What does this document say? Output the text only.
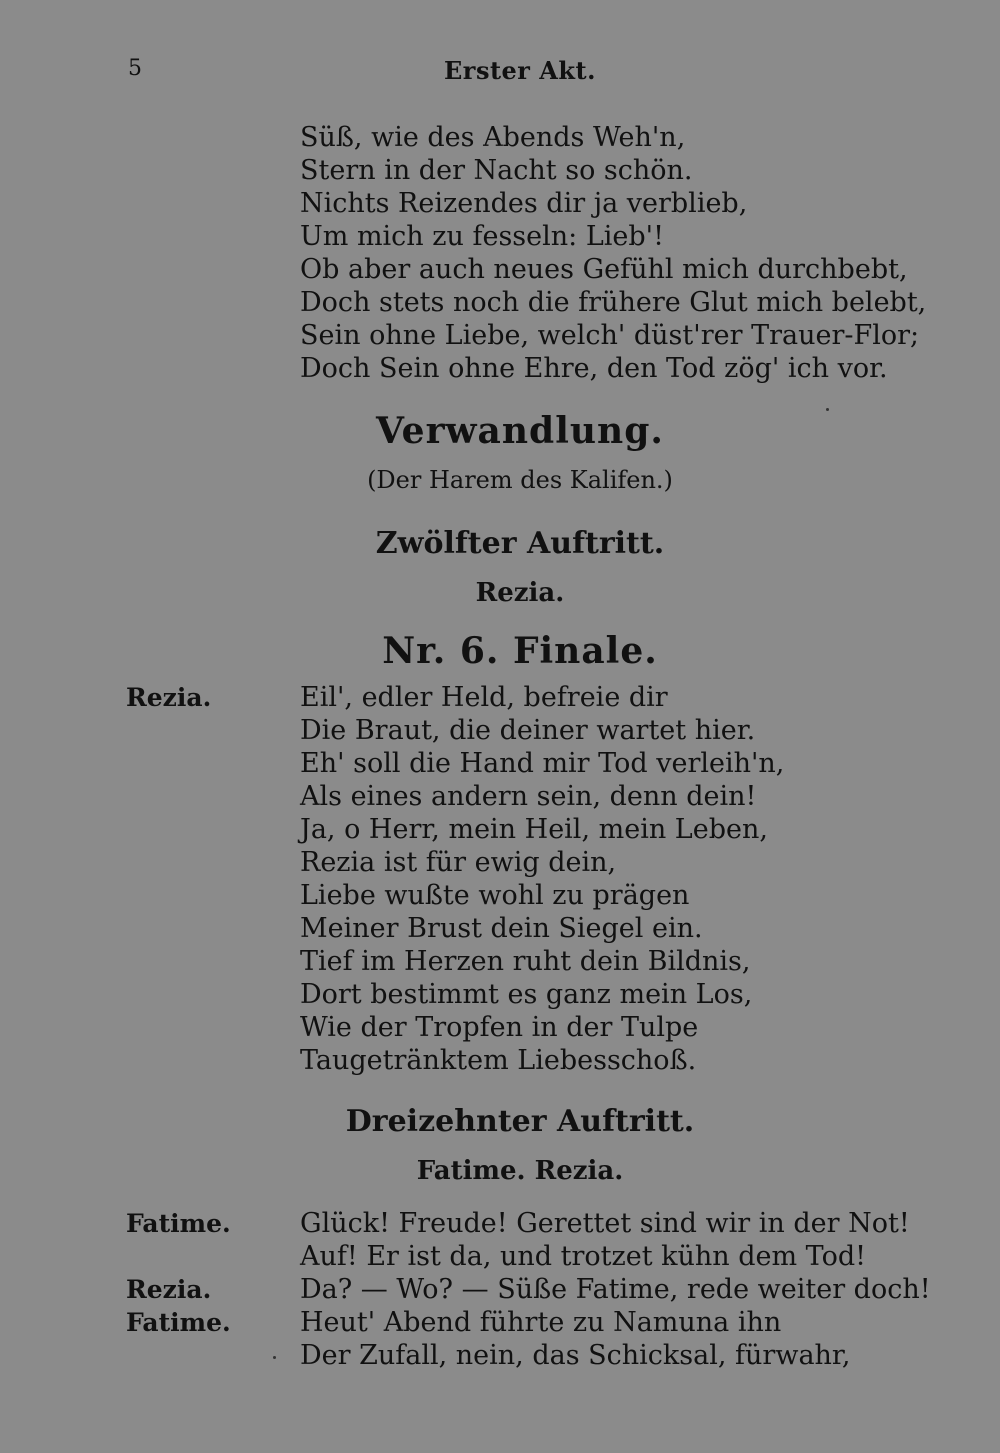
5	Erster Akt.
Süß, wie des Abends Weh'n,
Stern in der Nacht so schön.
Nichts Reizendes dir ja verblieb,
Um mich zu fesseln: Lieb'!
Ob aber auch neues Gefühl mich durchbebt,
Doch stets noch die frühere Glut mich belebt,
Sein ohne Liebe, welch' düst'rer Trauer-Flor;
Doch Sein ohne Ehre, den Tod zög' ich vor.
Verwandlung.
(Der Harem des Kalifen.)
Zwölfter Auftritt.
Rezia.
Nr. 6. Finale.
Rezia.	Eil', edler Held, befreie dir
Die Braut, die deiner wartet hier.
Eh' soll die Hand mir Tod verleih'n,
Als eines andern sein, denn dein!
Ja, o Herr, mein Heil, mein Leben,
Rezia ist für ewig dein,
Liebe wußte wohl zu prägen
Meiner Brust dein Siegel ein.
Tief im Herzen ruht dein Bildnis,
Dort bestimmt es ganz mein Los,
Wie der Tropfen in der Tulpe
Taugetränktem Liebesschoß.
Dreizehnter Auftritt.
Fatime. Rezia.
Fatime.
Rezia.
Fatime.
Glück! Freude! Gerettet sind wir in der Not!
Auf! Er ist da, und trotzet kühn dem Tod!
Da? — Wo? — Süße Fatime, rede weiter doch!
Heut' Abend führte zu Namuna ihn
Der Zufall, nein, das Schicksal, fürwahr,
